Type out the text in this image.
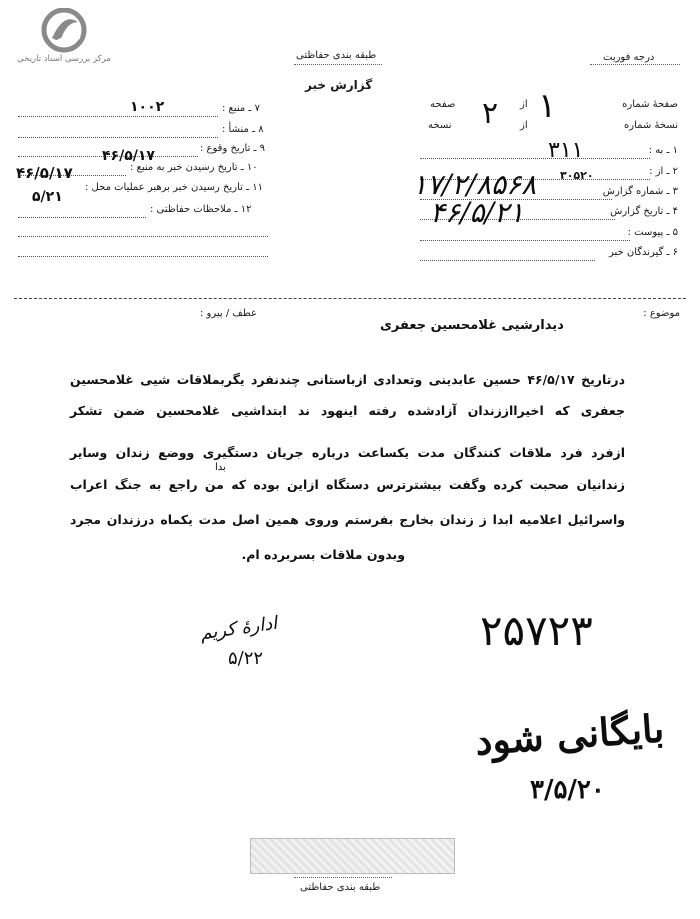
مرکز بررسی اسناد تاریخی	طبقه بندی حفاظتی
گزارش خبر
درجه فوریت
صفحهٔ شماره
از
صفحه
نسخهٔ شماره
از
نسخه
۱ ـ به :
۲ ـ از :
۳ ـ شماره گزارش
۴ ـ تاریخ گزارش
۵ ـ پیوست :
۶ ـ گیرندگان خبر
۷ ـ منبع :
۸ ـ منشأ :
۹ ـ تاریخ وقوع :
۱۰ ـ تاریخ رسیدن خبر به منبع :
۱۱ ـ تاریخ رسیدن خبر برهبر عملیات محل :
۱۲ ـ ملاحظات حفاظتی :
۱۰۰۲
۴۶/۵/۱۷
۴۶/۵/۱۷
۵/۲۱
۱
۲
۳۱۱
۳۰۵۲۰
۱۷/۲/۸۵۶۸
۴۶/۵/۲۱
موضوع :
عطف / پیرو :
دیدارشیی غلامحسین جعفری
درتاریخ ۴۶/۵/۱۷ حسین عابدینی وتعدادی ازباستانی چندنفرد یگربملاقات شیی غلامحسین
جعفری که اخیرااززندان آزادشده رفته اینهود ند ابتداشیی غلامحسین ضمن تشکر
ازفرد فرد ملاقات کنندگان مدت یکساعت درباره جریان دستگیری ووضع زندان وسایر
بدا
زندانیان صحبت کرده وگفت بیشترترس دستگاه ازاین بوده که من راجع به جنگ اعراب
واسرائیل اعلامیه ابدا ز زندان بخارج بفرستم وروی همین اصل مدت یکماه درزندان مجرد
وبدون ملاقات بسربرده ام.
۲۵۷۲۳
ادارهٔ کریم
۵/۲۲
بایگانی شود
۳/۵/۲۰
طبقه بندی حفاظتی
